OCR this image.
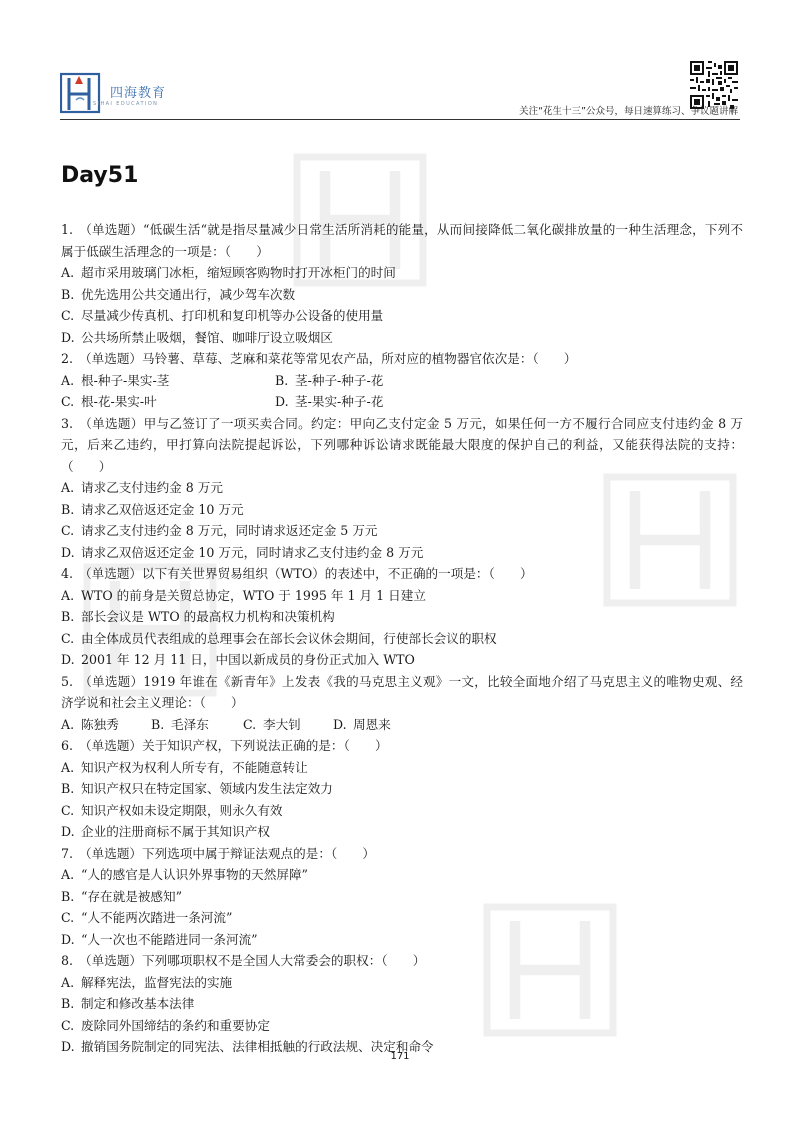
四海教育
SIHAI EDUCATION
关注“花生十三”公众号，每日速算练习、争议题讲解
Day51

1. （单选题）“低碳生活“就是指尽量减少日常生活所消耗的能量，从而间接降低二氧化碳排放量的一种生活理念，下列不属于低碳生活理念的一项是：（　　）

A. 超市采用玻璃门冰柜，缩短顾客购物时打开冰柜门的时间
B. 优先选用公共交通出行，减少驾车次数
C. 尽量减少传真机、打印机和复印机等办公设备的使用量
D. 公共场所禁止吸烟，餐馆、咖啡厅设立吸烟区

2. （单选题）马铃薯、草莓、芝麻和菜花等常见农产品，所对应的植物器官依次是：（　　）

A. 根-种子-果实-茎	B. 茎-种子-种子-花
C. 根-花-果实-叶	D. 茎-果实-种子-花

3. （单选题）甲与乙签订了一项买卖合同。约定：甲向乙支付定金 5 万元，如果任何一方不履行合同应支付违约金 8 万元，后来乙违约，甲打算向法院提起诉讼，下列哪种诉讼请求既能最大限度的保护自己的利益，又能获得法院的支持：（　　）

A. 请求乙支付违约金 8 万元
B. 请求乙双倍返还定金 10 万元
C. 请求乙支付违约金 8 万元，同时请求返还定金 5 万元
D. 请求乙双倍返还定金 10 万元，同时请求乙支付违约金 8 万元

4. （单选题）以下有关世界贸易组织（WTO）的表述中，不正确的一项是：（　　）

A. WTO 的前身是关贸总协定，WTO 于 1995 年 1 月 1 日建立
B. 部长会议是 WTO 的最高权力机构和决策机构
C. 由全体成员代表组成的总理事会在部长会议休会期间，行使部长会议的职权
D. 2001 年 12 月 11 日，中国以新成员的身份正式加入 WTO

5. （单选题）1919 年谁在《新青年》上发表《我的马克思主义观》一文，比较全面地介绍了马克思主义的唯物史观、经济学说和社会主义理论：（　　）

A. 陈独秀	B. 毛泽东	C. 李大钊	D. 周恩来

6. （单选题）关于知识产权，下列说法正确的是：（　　）

A. 知识产权为权利人所专有，不能随意转让
B. 知识产权只在特定国家、领域内发生法定效力
C. 知识产权如未设定期限，则永久有效
D. 企业的注册商标不属于其知识产权

7. （单选题）下列选项中属于辩证法观点的是：（　　）

A. “人的感官是人认识外界事物的天然屏障”
B. “存在就是被感知”
C. “人不能两次踏进一条河流”
D. “人一次也不能踏进同一条河流”

8. （单选题）下列哪项职权不是全国人大常委会的职权：（　　）

A. 解释宪法，监督宪法的实施
B. 制定和修改基本法律
C. 废除同外国缔结的条约和重要协定
D. 撤销国务院制定的同宪法、法律相抵触的行政法规、决定和命令
171
